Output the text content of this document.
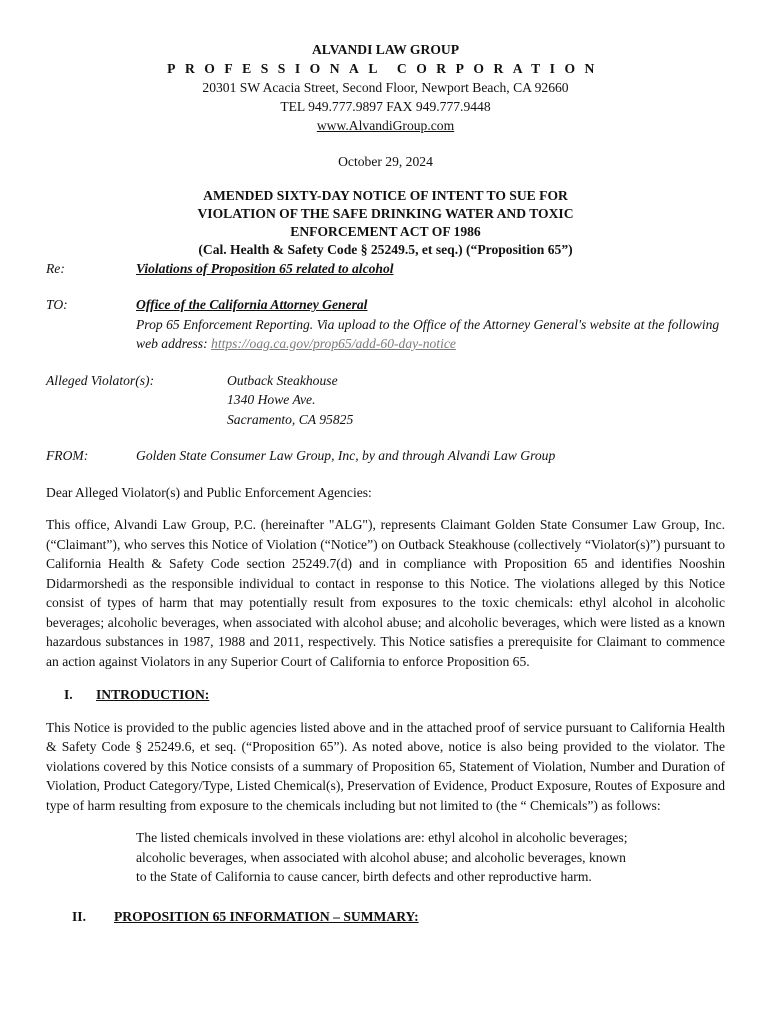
ALVANDI LAW GROUP
PROFESSIONAL CORPORATION
20301 SW Acacia Street, Second Floor, Newport Beach, CA 92660
TEL 949.777.9897 FAX 949.777.9448
www.AlvandiGroup.com
October 29, 2024
AMENDED SIXTY-DAY NOTICE OF INTENT TO SUE FOR VIOLATION OF THE SAFE DRINKING WATER AND TOXIC ENFORCEMENT ACT OF 1986
(Cal. Health & Safety Code § 25249.5, et seq.) (“Proposition 65”)
Re:	Violations of Proposition 65 related to alcohol
TO:	Office of the California Attorney General
Prop 65 Enforcement Reporting. Via upload to the Office of the Attorney General's website at the following web address: https://oag.ca.gov/prop65/add-60-day-notice
Alleged Violator(s):	Outback Steakhouse
1340 Howe Ave.
Sacramento, CA 95825
FROM:	Golden State Consumer Law Group, Inc, by and through Alvandi Law Group

Dear Alleged Violator(s) and Public Enforcement Agencies:

This office, Alvandi Law Group, P.C. (hereinafter "ALG"), represents Claimant Golden State Consumer Law Group, Inc. (“Claimant”), who serves this Notice of Violation (“Notice”) on Outback Steakhouse (collectively “Violator(s)”) pursuant to California Health & Safety Code section 25249.7(d) and in compliance with Proposition 65 and identifies Nooshin Didarmorshedi as the responsible individual to contact in response to this Notice. The violations alleged by this Notice consist of types of harm that may potentially result from exposures to the toxic chemicals: ethyl alcohol in alcoholic beverages; alcoholic beverages, when associated with alcohol abuse; and alcoholic beverages, which were listed as a known hazardous substances in 1987, 1988 and 2011, respectively. This Notice satisfies a prerequisite for Claimant to commence an action against Violators in any Superior Court of California to enforce Proposition 65.

I.	INTRODUCTION:

This Notice is provided to the public agencies listed above and in the attached proof of service pursuant to California Health & Safety Code § 25249.6, et seq. (“Proposition 65”). As noted above, notice is also being provided to the violator. The violations covered by this Notice consists of a summary of Proposition 65, Statement of Violation, Number and Duration of Violation, Product Category/Type, Listed Chemical(s), Preservation of Evidence, Product Exposure, Routes of Exposure and type of harm resulting from exposure to the chemicals including but not limited to (the “ Chemicals”) as follows:

The listed chemicals involved in these violations are: ethyl alcohol in alcoholic beverages; alcoholic beverages, when associated with alcohol abuse; and alcoholic beverages, known to the State of California to cause cancer, birth defects and other reproductive harm.

II.	PROPOSITION 65 INFORMATION – SUMMARY:
